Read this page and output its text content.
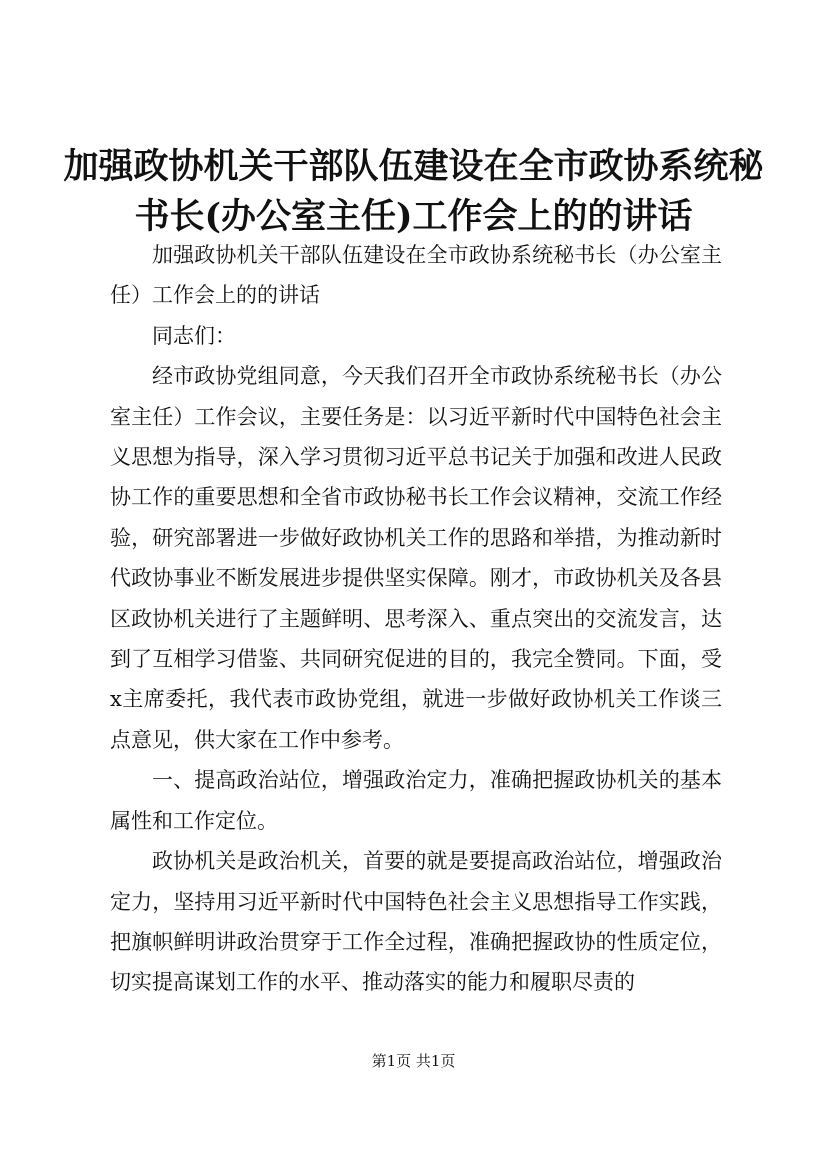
加强政协机关干部队伍建设在全市政协系统秘
书长(办公室主任)工作会上的的讲话

加强政协机关干部队伍建设在全市政协系统秘书长（办公室主任）工作会上的的讲话

同志们：

经市政协党组同意，今天我们召开全市政协系统秘书长（办公室主任）工作会议，主要任务是：以习近平新时代中国特色社会主义思想为指导，深入学习贯彻习近平总书记关于加强和改进人民政协工作的重要思想和全省市政协秘书长工作会议精神，交流工作经验，研究部署进一步做好政协机关工作的思路和举措，为推动新时代政协事业不断发展进步提供坚实保障。刚才，市政协机关及各县区政协机关进行了主题鲜明、思考深入、重点突出的交流发言，达到了互相学习借鉴、共同研究促进的目的，我完全赞同。下面，受x主席委托，我代表市政协党组，就进一步做好政协机关工作谈三点意见，供大家在工作中参考。

一、提高政治站位，增强政治定力，准确把握政协机关的基本属性和工作定位。

政协机关是政治机关，首要的就是要提高政治站位，增强政治定力，坚持用习近平新时代中国特色社会主义思想指导工作实践，把旗帜鲜明讲政治贯穿于工作全过程，准确把握政协的性质定位，切实提高谋划工作的水平、推动落实的能力和履职尽责的

第1页 共1页
